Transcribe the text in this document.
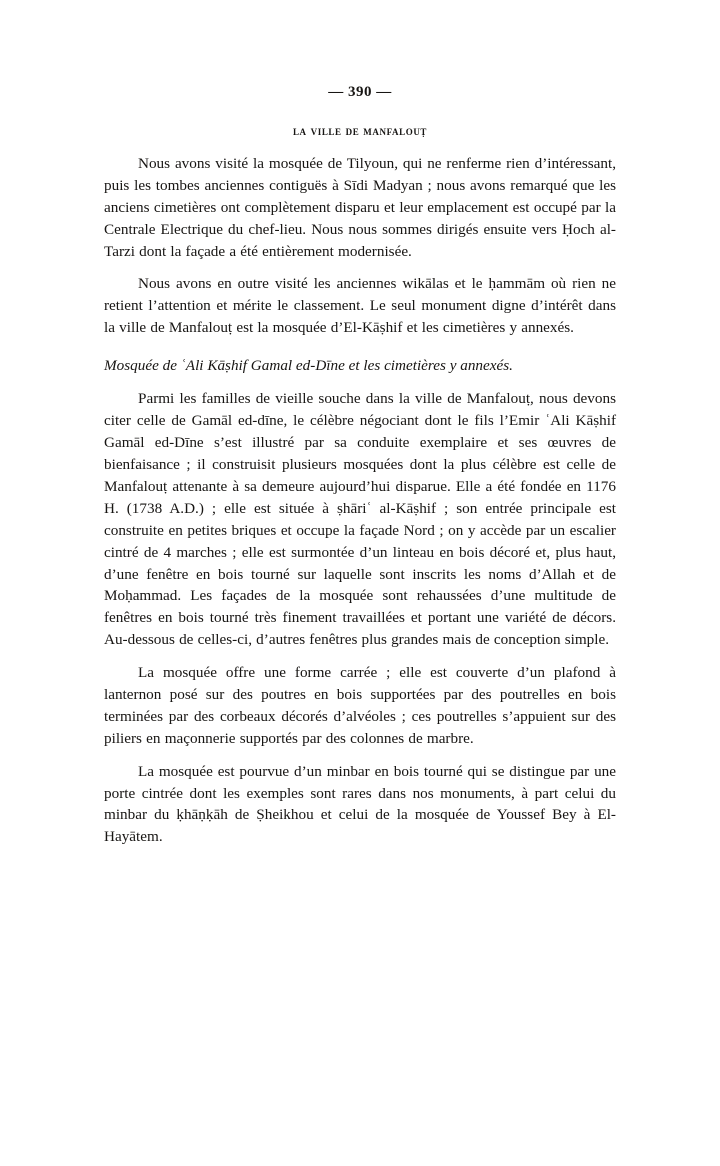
— 390 —
la ville de manfalouṭ

Nous avons visité la mosquée de Tilyoun, qui ne renferme rien d’intéressant, puis les tombes anciennes contiguës à Sīdi Madyan ; nous avons remarqué que les anciens cimetières ont complètement disparu et leur emplacement est occupé par la Centrale Electrique du chef-lieu. Nous nous sommes dirigés ensuite vers Ḥoch al-Tarzi dont la façade a été entièrement modernisée.

Nous avons en outre visité les anciennes wikālas et le ḥammām où rien ne retient l’attention et mérite le classement. Le seul monument digne d’intérêt dans la ville de Manfalouṭ est la mosquée d’El-Kāṣhif et les cimetières y annexés.

Mosquée de ʿAli Kāṣhif Gamal ed-Dīne et les cimetières y annexés.

Parmi les familles de vieille souche dans la ville de Manfalouṭ, nous devons citer celle de Gamāl ed-dīne, le célèbre négociant dont le fils l’Emir ʿAli Kāṣhif Gamāl ed-Dīne s’est illustré par sa conduite exemplaire et ses œuvres de bienfaisance ; il construisit plusieurs mosquées dont la plus célèbre est celle de Manfalouṭ attenante à sa demeure aujourd’hui disparue. Elle a été fondée en 1176 H. (1738 A.D.) ; elle est située à ṣhāriʿ al-Kāṣhif ; son entrée principale est construite en petites briques et occupe la façade Nord ; on y accède par un escalier cintré de 4 marches ; elle est surmontée d’un linteau en bois décoré et, plus haut, d’une fenêtre en bois tourné sur laquelle sont inscrits les noms d’Allah et de Moḥammad. Les façades de la mosquée sont rehaussées d’une multitude de fenêtres en bois tourné très finement travaillées et portant une variété de décors. Au-dessous de celles-ci, d’autres fenêtres plus grandes mais de conception simple.

La mosquée offre une forme carrée ; elle est couverte d’un plafond à lanternon posé sur des poutres en bois supportées par des poutrelles en bois terminées par des corbeaux décorés d’alvéoles ; ces poutrelles s’appuient sur des piliers en maçonnerie supportés par des colonnes de marbre.

La mosquée est pourvue d’un minbar en bois tourné qui se distingue par une porte cintrée dont les exemples sont rares dans nos monuments, à part celui du minbar du ḳhāṇḳāh de Ṣheikhou et celui de la mosquée de Youssef Bey à El-Hayātem.
